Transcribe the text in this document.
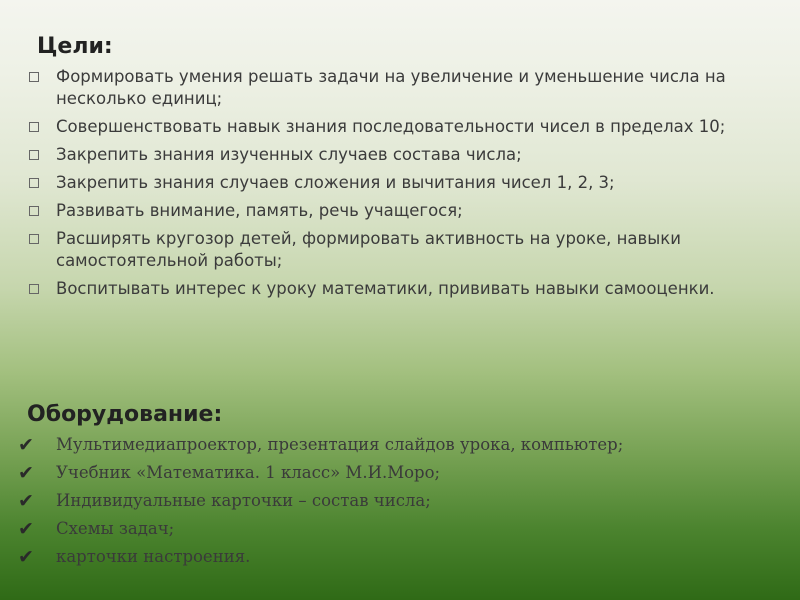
Цели:
Формировать умения решать задачи на увеличение и уменьшение числа на несколько единиц;
Совершенствовать навык знания последовательности чисел в пределах 10;
Закрепить знания изученных случаев состава числа;
Закрепить знания случаев сложения и вычитания чисел 1, 2, 3;
Развивать внимание, память, речь учащегося;
Расширять кругозор детей, формировать активность на уроке, навыки самостоятельной работы;
Воспитывать интерес к уроку математики, прививать навыки самооценки.
Оборудование:
✔ Мультимедиапроектор, презентация слайдов урока, компьютер;
✔ Учебник «Математика. 1 класс» М.И.Моро;
✔ Индивидуальные карточки – состав числа;
✔ Схемы задач;
✔ карточки настроения.
